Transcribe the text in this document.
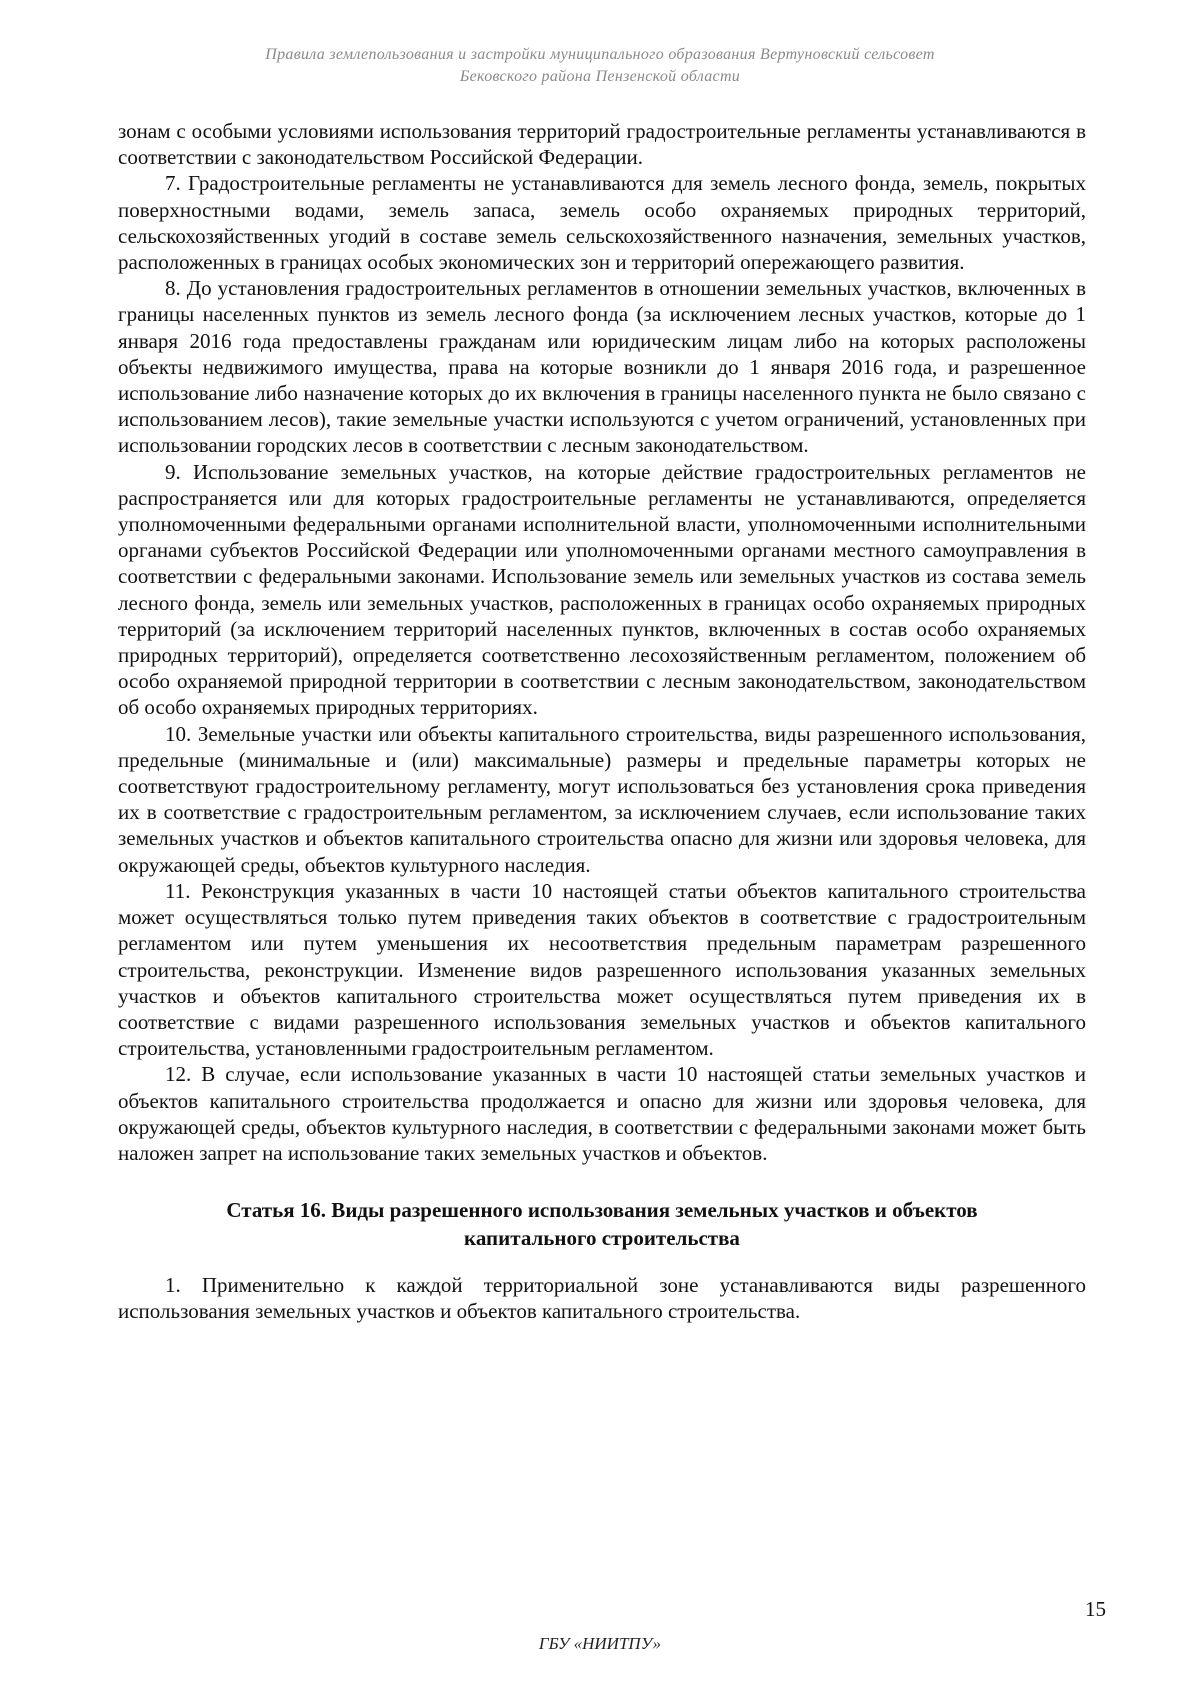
Правила землепользования и застройки муниципального образования Вертуновский сельсовет
Бековского района Пензенской области

зонам с особыми условиями использования территорий градостроительные регламенты устанавливаются в соответствии с законодательством Российской Федерации.

7. Градостроительные регламенты не устанавливаются для земель лесного фонда, земель, покрытых поверхностными водами, земель запаса, земель особо охраняемых природных территорий, сельскохозяйственных угодий в составе земель сельскохозяйственного назначения, земельных участков, расположенных в границах особых экономических зон и территорий опережающего развития.

8. До установления градостроительных регламентов в отношении земельных участков, включенных в границы населенных пунктов из земель лесного фонда (за исключением лесных участков, которые до 1 января 2016 года предоставлены гражданам или юридическим лицам либо на которых расположены объекты недвижимого имущества, права на которые возникли до 1 января 2016 года, и разрешенное использование либо назначение которых до их включения в границы населенного пункта не было связано с использованием лесов), такие земельные участки используются с учетом ограничений, установленных при использовании городских лесов в соответствии с лесным законодательством.

9. Использование земельных участков, на которые действие градостроительных регламентов не распространяется или для которых градостроительные регламенты не устанавливаются, определяется уполномоченными федеральными органами исполнительной власти, уполномоченными исполнительными органами субъектов Российской Федерации или уполномоченными органами местного самоуправления в соответствии с федеральными законами. Использование земель или земельных участков из состава земель лесного фонда, земель или земельных участков, расположенных в границах особо охраняемых природных территорий (за исключением территорий населенных пунктов, включенных в состав особо охраняемых природных территорий), определяется соответственно лесохозяйственным регламентом, положением об особо охраняемой природной территории в соответствии с лесным законодательством, законодательством об особо охраняемых природных территориях.

10. Земельные участки или объекты капитального строительства, виды разрешенного использования, предельные (минимальные и (или) максимальные) размеры и предельные параметры которых не соответствуют градостроительному регламенту, могут использоваться без установления срока приведения их в соответствие с градостроительным регламентом, за исключением случаев, если использование таких земельных участков и объектов капитального строительства опасно для жизни или здоровья человека, для окружающей среды, объектов культурного наследия.

11. Реконструкция указанных в части 10 настоящей статьи объектов капитального строительства может осуществляться только путем приведения таких объектов в соответствие с градостроительным регламентом или путем уменьшения их несоответствия предельным параметрам разрешенного строительства, реконструкции. Изменение видов разрешенного использования указанных земельных участков и объектов капитального строительства может осуществляться путем приведения их в соответствие с видами разрешенного использования земельных участков и объектов капитального строительства, установленными градостроительным регламентом.

12. В случае, если использование указанных в части 10 настоящей статьи земельных участков и объектов капитального строительства продолжается и опасно для жизни или здоровья человека, для окружающей среды, объектов культурного наследия, в соответствии с федеральными законами может быть наложен запрет на использование таких земельных участков и объектов.

Статья 16. Виды разрешенного использования земельных участков и объектов капитального строительства

1. Применительно к каждой территориальной зоне устанавливаются виды разрешенного использования земельных участков и объектов капитального строительства.

15
ГБУ «НИИТПУ»
